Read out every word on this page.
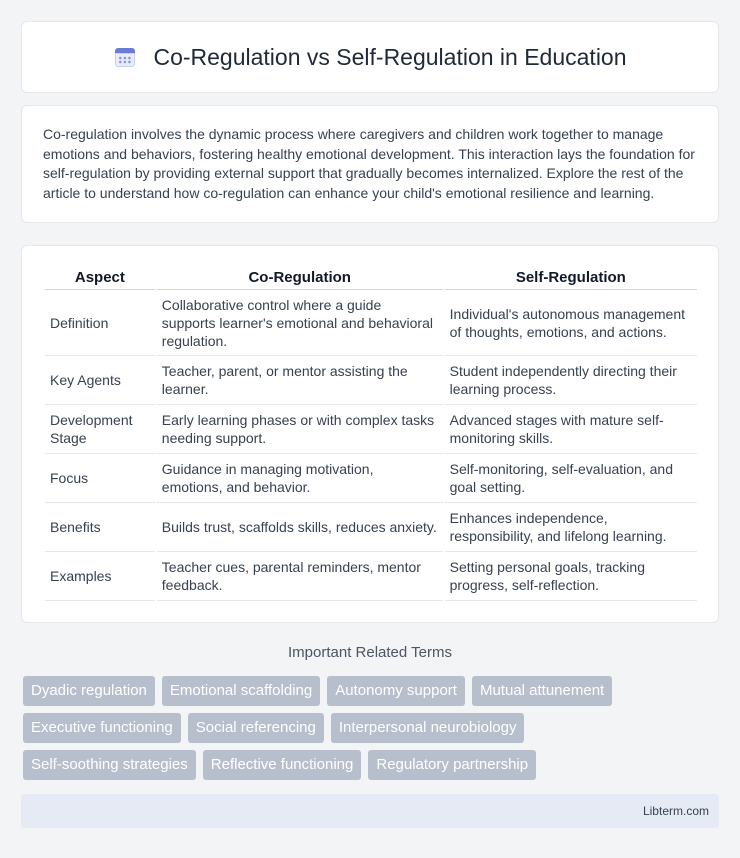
Co-Regulation vs Self-Regulation in Education

Co-regulation involves the dynamic process where caregivers and children work together to manage emotions and behaviors, fostering healthy emotional development. This interaction lays the foundation for self-regulation by providing external support that gradually becomes internalized. Explore the rest of the article to understand how co-regulation can enhance your child's emotional resilience and learning.

Aspect	Co-Regulation	Self-Regulation
Definition	Collaborative control where a guide supports learner's emotional and behavioral regulation.	Individual's autonomous management of thoughts, emotions, and actions.
Key Agents	Teacher, parent, or mentor assisting the learner.	Student independently directing their learning process.
Development Stage	Early learning phases or with complex tasks needing support.	Advanced stages with mature self-monitoring skills.
Focus	Guidance in managing motivation, emotions, and behavior.	Self-monitoring, self-evaluation, and goal setting.
Benefits	Builds trust, scaffolds skills, reduces anxiety.	Enhances independence, responsibility, and lifelong learning.
Examples	Teacher cues, parental reminders, mentor feedback.	Setting personal goals, tracking progress, self-reflection.
Important Related Terms
Dyadic regulation	Emotional scaffolding	Autonomy support	Mutual attunement
Executive functioning	Social referencing	Interpersonal neurobiology
Self-soothing strategies	Reflective functioning	Regulatory partnership
Libterm.com
